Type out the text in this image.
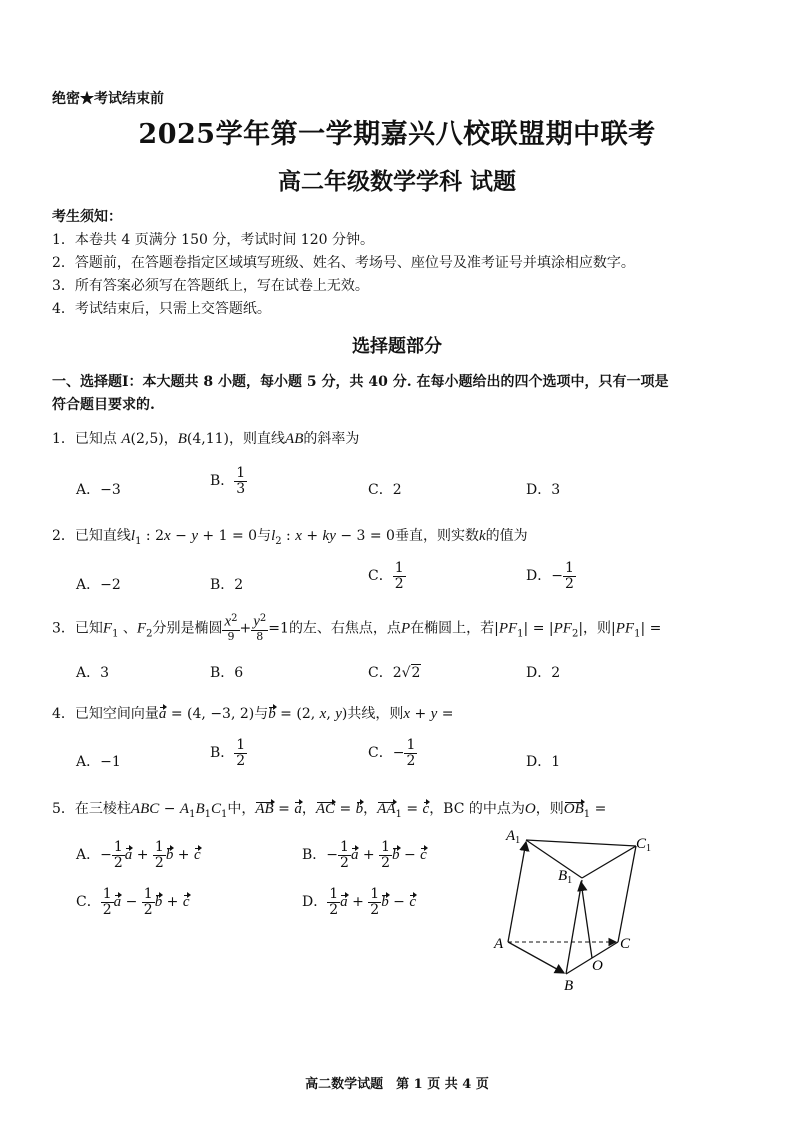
绝密★考试结束前
2025学年第一学期嘉兴八校联盟期中联考
高二年级数学学科 试题
考生须知：
1．本卷共 4 页满分 150 分，考试时间 120 分钟。
2．答题前，在答题卷指定区域填写班级、姓名、考场号、座位号及准考证号并填涂相应数字。
3．所有答案必须写在答题纸上，写在试卷上无效。
4．考试结束后，只需上交答题纸。
选择题部分
一、选择题Ⅰ：本大题共 8 小题，每小题 5 分，共 40 分. 在每小题给出的四个选项中，只有一项是
符合题目要求的.
1．已知点 A(2,5)，B(4,11)，则直线AB的斜率为
A．−3
B． $\frac{1}{3}$	C．2	D．3
2．已知直线$l_1$ : 2x − y + 1 = 0与$l_2$ : x + ky − 3 = 0垂直，则实数k的值为
A．−2	B．2
C． $\frac{1}{2}$	D．− $\frac{1}{2}$
3．已知$F_1$ 、$F_2$分别是椭圆 $\frac{x^2}{9} + \frac{y^2}{8} =1$的左、右焦点，点P在椭圆上，若$|PF_1| = |PF_2|$，则$|PF_1|$ =
A．3	B．6	C．2√2	D．2
4．已知空间向量a = (4, −3, 2)与b = (2, x, y)共线，则x + y =
A．−1
B． $\frac{1}{2}$	C．− $\frac{1}{2}$	D．1
5．在三棱柱ABC − $A_1B_1C_1$中，AB = a，AC = b，$AA_1 = c$，BC 的中点为O，则$OB_1$ =
A．− $\frac{1}{2}$ $a + \frac{1}{2}$ b + c	B．− $\frac{1}{2}$ $a + \frac{1}{2}$ b − c
C． $\frac{1}{2}$ $a - \frac{1}{2}$ b + c	D． $\frac{1}{2}$ $a + \frac{1}{2}$ b − c
$A_1$	$C_1$
$B_1$
A	C
O
B
高二数学试题　第 1 页 共 4 页
